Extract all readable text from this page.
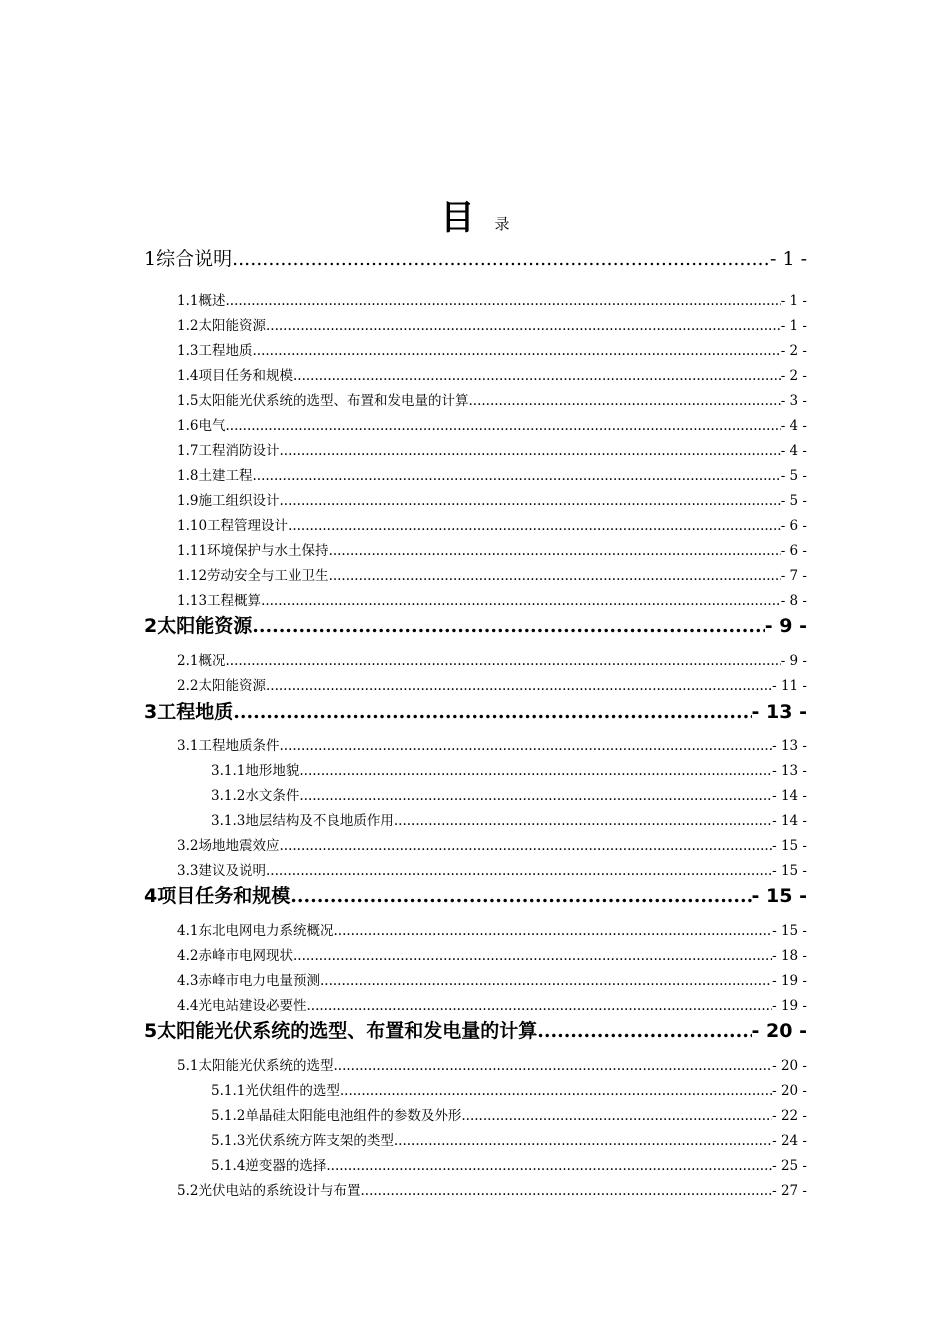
目 录
1综合说明 .....	- 1 -
1.1概述 .....	- 1 -
1.2太阳能资源 .....	- 1 -
1.3工程地质 .....	- 2 -
1.4项目任务和规模 .....	- 2 -
1.5太阳能光伏系统的选型、布置和发电量的计算 .....	- 3 -
1.6电气 .....	- 4 -
1.7工程消防设计 .....	- 4 -
1.8土建工程 .....	- 5 -
1.9施工组织设计 .....	- 5 -
1.10工程管理设计 .....	- 6 -
1.11环境保护与水土保持 .....	- 6 -
1.12劳动安全与工业卫生 .....	- 7 -
1.13工程概算 .....	- 8 -
2太阳能资源 .....	- 9 -
2.1概况 .....	- 9 -
2.2太阳能资源 .....	- 11 -
3工程地质 .....	- 13 -
3.1工程地质条件 .....	- 13 -
3.1.1地形地貌 .....	- 13 -
3.1.2水文条件 .....	- 14 -
3.1.3地层结构及不良地质作用 .....	- 14 -
3.2场地地震效应 .....	- 15 -
3.3建议及说明 .....	- 15 -
4项目任务和规模 .....	- 15 -
4.1东北电网电力系统概况 .....	- 15 -
4.2赤峰市电网现状 .....	- 18 -
4.3赤峰市电力电量预测 .....	- 19 -
4.4光电站建设必要性 .....	- 19 -
5太阳能光伏系统的选型、布置和发电量的计算 .....	- 20 -
5.1太阳能光伏系统的选型 .....	- 20 -
5.1.1光伏组件的选型 .....	- 20 -
5.1.2单晶硅太阳能电池组件的参数及外形 .....	- 22 -
5.1.3光伏系统方阵支架的类型 .....	- 24 -
5.1.4逆变器的选择 .....	- 25 -
5.2光伏电站的系统设计与布置 .....	- 27 -
